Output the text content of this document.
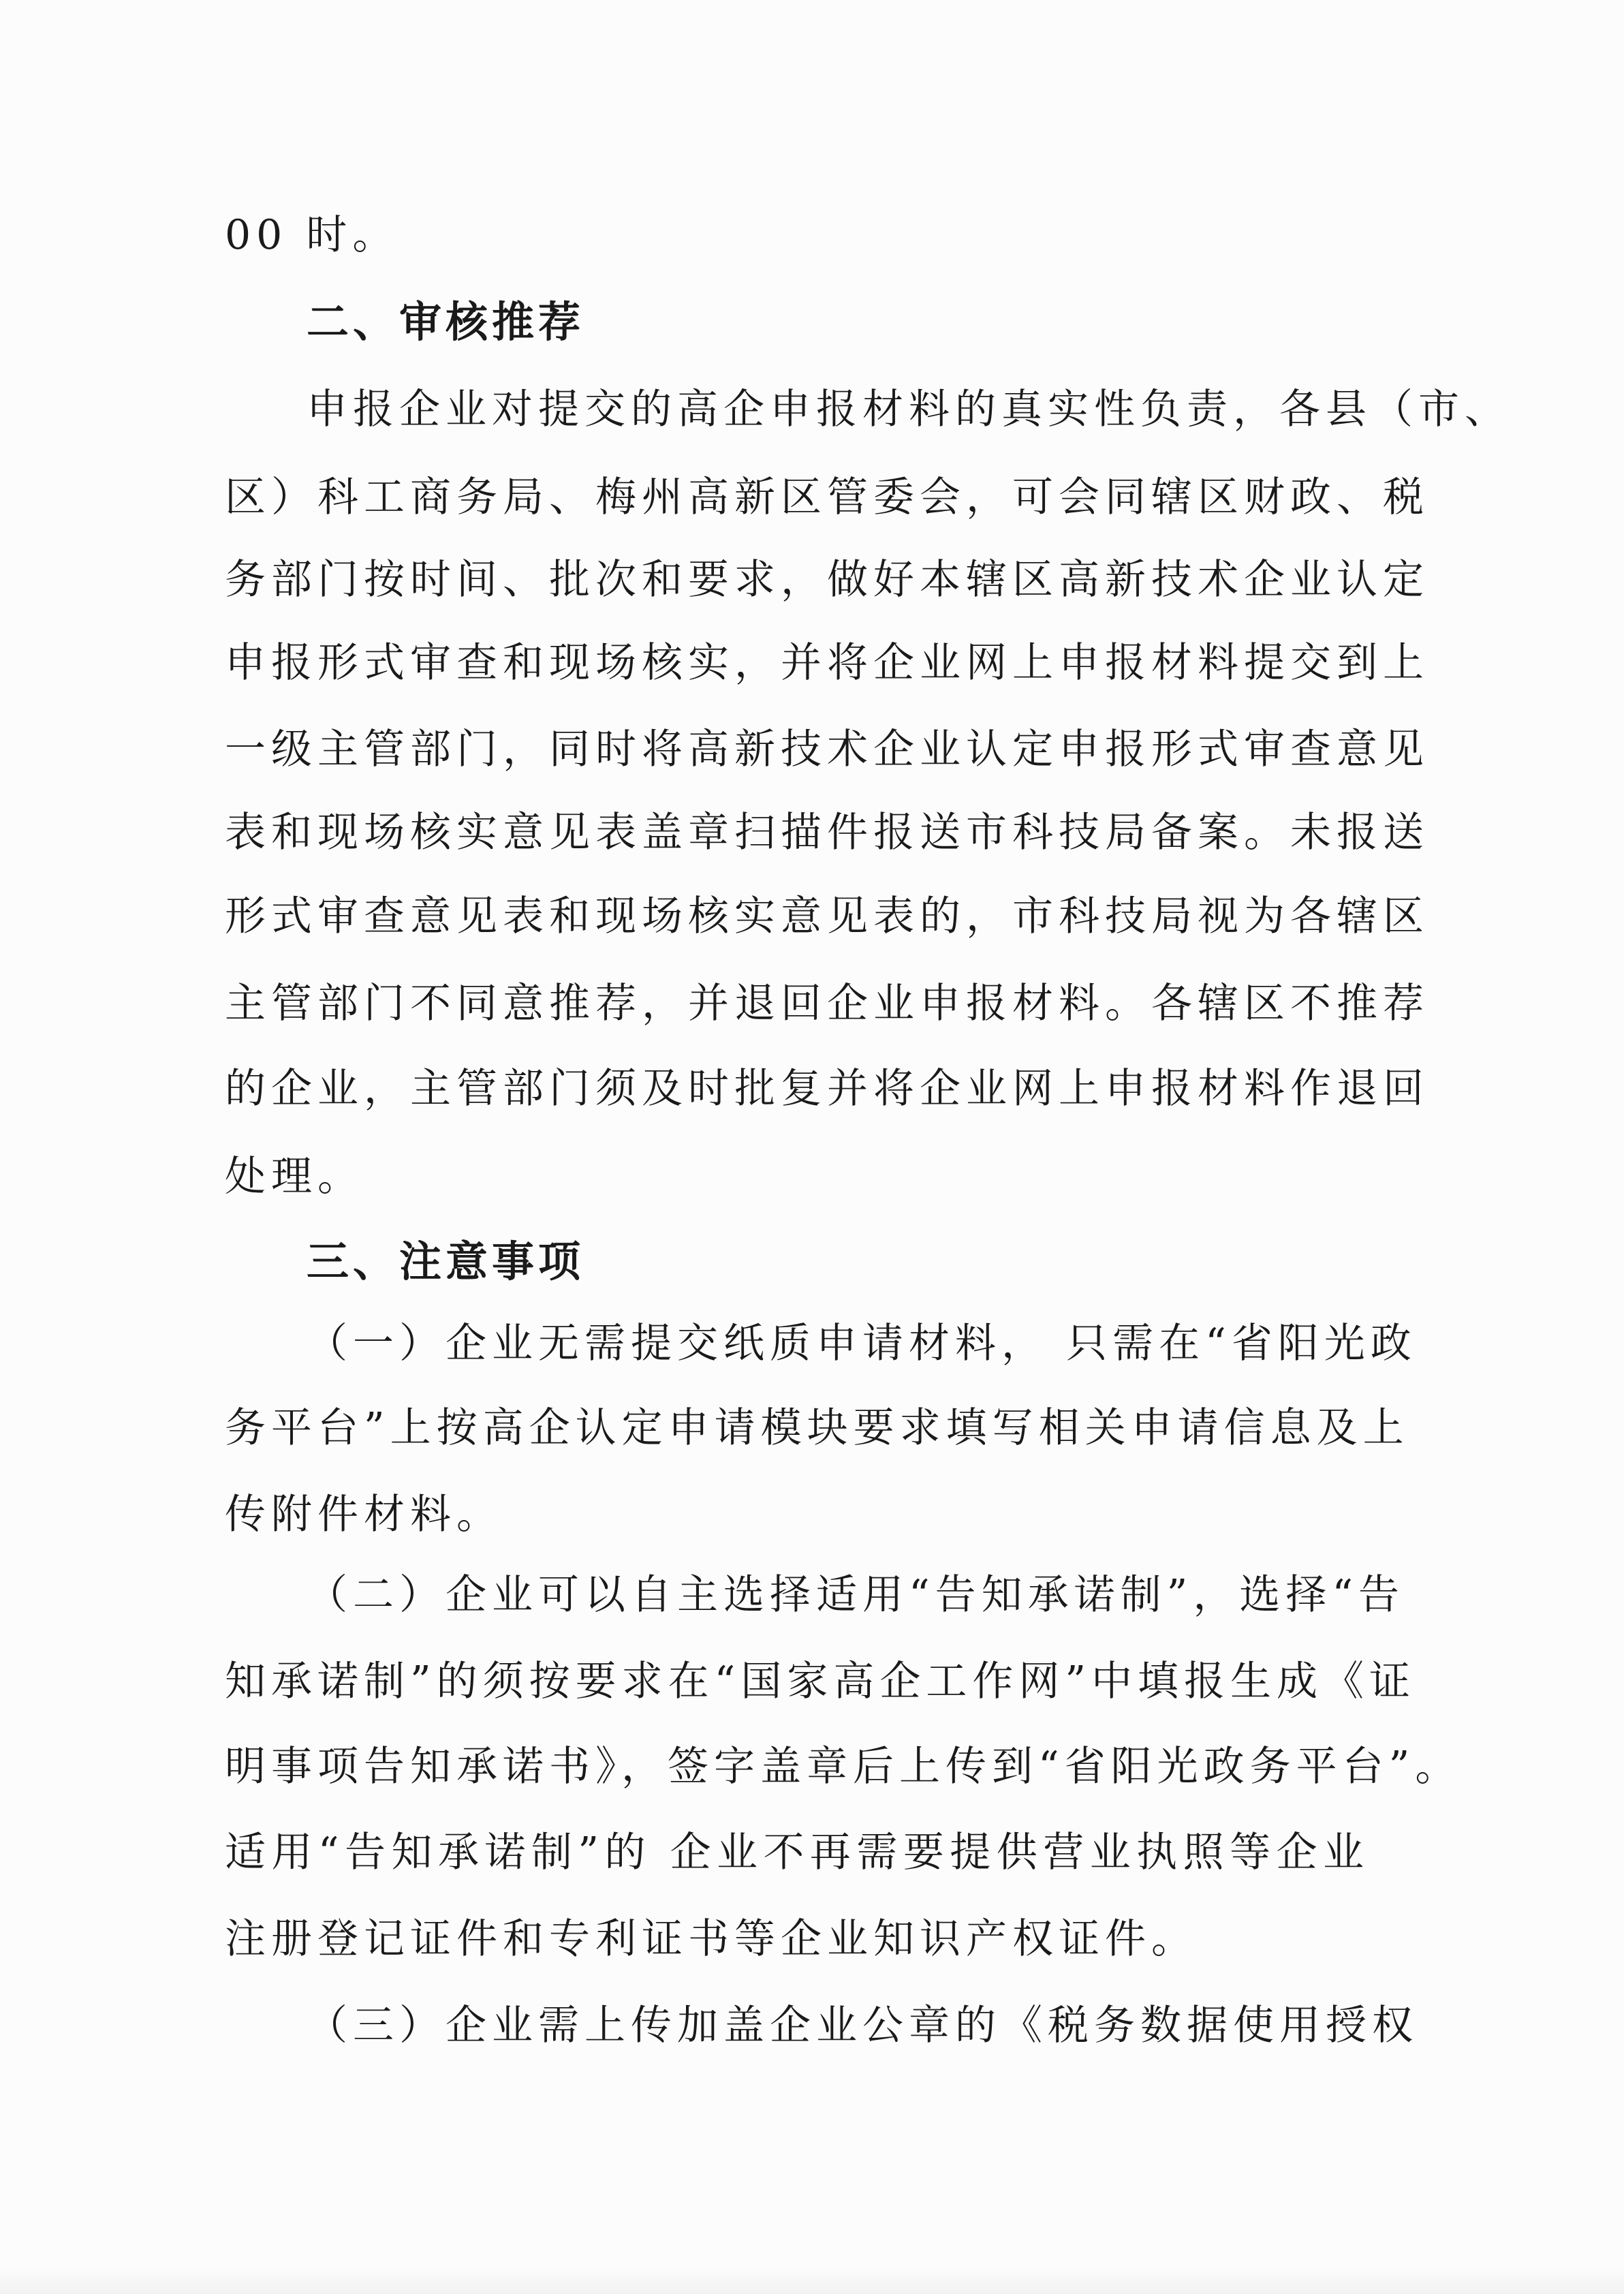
00 时。
二、审核推荐
申报企业对提交的高企申报材料的真实性负责，各县（市、
区）科工商务局、梅州高新区管委会，可会同辖区财政、税
务部门按时间、批次和要求，做好本辖区高新技术企业认定
申报形式审查和现场核实，并将企业网上申报材料提交到上
一级主管部门，同时将高新技术企业认定申报形式审查意见
表和现场核实意见表盖章扫描件报送市科技局备案。未报送
形式审查意见表和现场核实意见表的，市科技局视为各辖区
主管部门不同意推荐，并退回企业申报材料。各辖区不推荐
的企业，主管部门须及时批复并将企业网上申报材料作退回
处理。
三、注意事项
（一）企业无需提交纸质申请材料， 只需在“省阳光政
务平台”上按高企认定申请模块要求填写相关申请信息及上
传附件材料。
（二）企业可以自主选择适用“告知承诺制”，选择“告
知承诺制”的须按要求在“国家高企工作网”中填报生成《证
明事项告知承诺书》，签字盖章后上传到“省阳光政务平台”。
适用“告知承诺制”的 企业不再需要提供营业执照等企业
注册登记证件和专利证书等企业知识产权证件。
（三）企业需上传加盖企业公章的《税务数据使用授权
